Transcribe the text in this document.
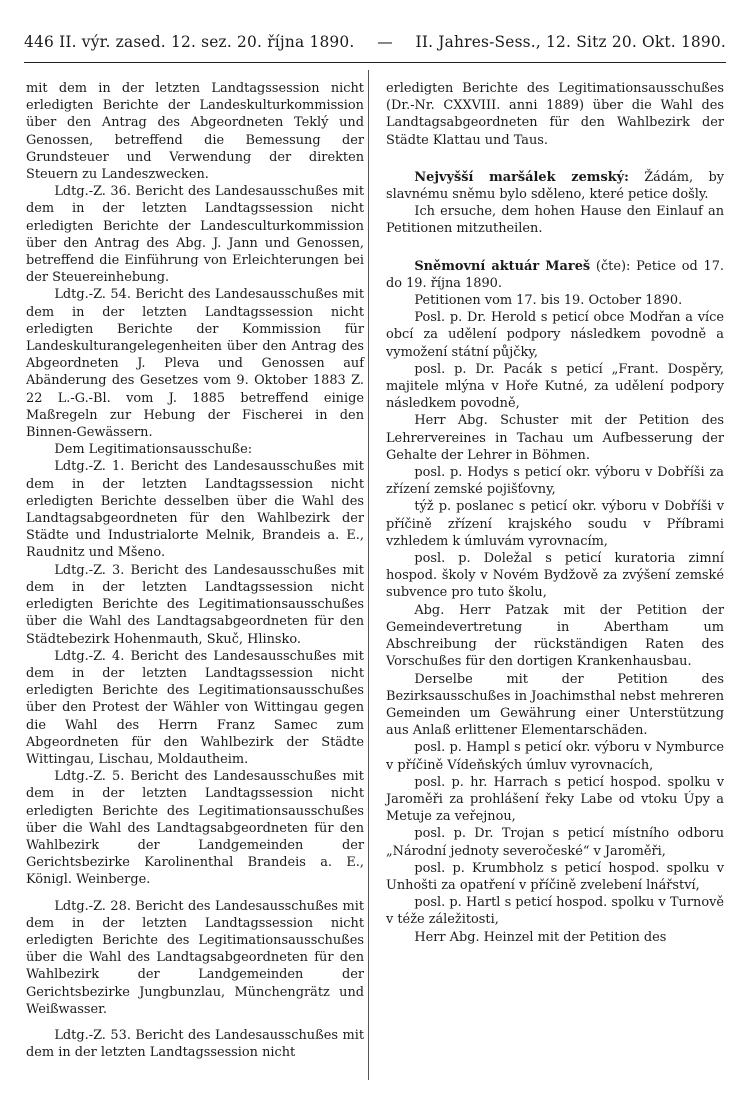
446 II. výr. zased. 12. sez. 20. října 1890. — II. Jahres-Sess., 12. Sitz 20. Okt. 1890.

mit dem in der letzten Landtagssession nicht erledigten Berichte der Landeskulturkommission über den Antrag des Abgeordneten Teklý und Genossen, betreffend die Bemessung der Grundsteuer und Verwendung der direkten Steuern zu Landeszwecken.

Ldtg.-Z. 36. Bericht des Landesausschußes mit dem in der letzten Landtagssession nicht erledigten Berichte der Landesculturkommission über den Antrag des Abg. J. Jann und Genossen, betreffend die Einführung von Erleichterungen bei der Steuereinhebung.

Ldtg.-Z. 54. Bericht des Landesausschußes mit dem in der letzten Landtagssession nicht erledigten Berichte der Kommission für Landeskulturangelegenheiten über den Antrag des Abgeordneten J. Pleva und Genossen auf Abänderung des Gesetzes vom 9. Oktober 1883 Z. 22 L.-G.-Bl. vom J. 1885 betreffend einige Maßregeln zur Hebung der Fischerei in den Binnen-Gewässern.

Dem Legitimationsausschuße:

Ldtg.-Z. 1. Bericht des Landesausschußes mit dem in der letzten Landtagssession nicht erledigten Berichte desselben über die Wahl des Landtagsabgeordneten für den Wahlbezirk der Städte und Industrialorte Melnik, Brandeis a. E., Raudnitz und Mšeno.

Ldtg.-Z. 3. Bericht des Landesausschußes mit dem in der letzten Landtagssession nicht erledigten Berichte des Legitimationsausschußes über die Wahl des Landtagsabgeordneten für den Städtebezirk Hohenmauth, Skuč, Hlinsko.

Ldtg.-Z. 4. Bericht des Landesausschußes mit dem in der letzten Landtagssession nicht erledigten Berichte des Legitimationsausschußes über den Protest der Wähler von Wittingau gegen die Wahl des Herrn Franz Samec zum Abgeordneten für den Wahlbezirk der Städte Wittingau, Lischau, Moldautheim.

Ldtg.-Z. 5. Bericht des Landesausschußes mit dem in der letzten Landtagssession nicht erledigten Berichte des Legitimationsausschußes über die Wahl des Landtagsabgeordneten für den Wahlbezirk der Landgemeinden der Gerichtsbezirke Karolinenthal Brandeis a. E., Königl. Weinberge.

Ldtg.-Z. 28. Bericht des Landesausschußes mit dem in der letzten Landtagssession nicht erledigten Berichte des Legitimationsausschußes über die Wahl des Landtagsabgeordneten für den Wahlbezirk der Landgemeinden der Gerichtsbezirke Jungbunzlau, Münchengrätz und Weißwasser.

Ldtg.-Z. 53. Bericht des Landesausschußes mit dem in der letzten Landtagssession nicht

erledigten Berichte des Legitimationsausschußes (Dr.-Nr. CXXVIII. anni 1889) über die Wahl des Landtagsabgeordneten für den Wahlbezirk der Städte Klattau und Taus.

Nejvyšší maršálek zemský: Žádám, by slavnému sněmu bylo sděleno, které petice došly.

Ich ersuche, dem hohen Hause den Einlauf an Petitionen mitzutheilen.

Sněmovní aktuár Mareš (čte): Petice od 17. do 19. října 1890.

Petitionen vom 17. bis 19. October 1890.

Posl. p. Dr. Herold s peticí obce Modřan a více obcí za udělení podpory následkem povodně a vymožení státní půjčky,

posl. p. Dr. Pacák s peticí „Frant. Dospěry, majitele mlýna v Hoře Kutné, za udělení podpory následkem povodně,

Herr Abg. Schuster mit der Petition des Lehrervereines in Tachau um Aufbesserung der Gehalte der Lehrer in Böhmen.

posl. p. Hodys s peticí okr. výboru v Dobříši za zřízení zemské pojišťovny,

týž p. poslanec s peticí okr. výboru v Dobříši v příčině zřízení krajského soudu v Příbrami vzhledem k úmluvám vyrovnacím,

posl. p. Doležal s peticí kuratoria zimní hospod. školy v Novém Bydžově za zvýšení zemské subvence pro tuto školu,

Abg. Herr Patzak mit der Petition der Gemeindevertretung in Abertham um Abschreibung der rückständigen Raten des Vorschußes für den dortigen Krankenhausbau.

Derselbe mit der Petition des Bezirksausschußes in Joachimsthal nebst mehreren Gemeinden um Gewährung einer Unterstützung aus Anlaß erlittener Elementarschäden.

posl. p. Hampl s peticí okr. výboru v Nymburce v příčině Vídeňských úmluv vyrovnacích,

posl. p. hr. Harrach s peticí hospod. spolku v Jaroměři za prohlášení řeky Labe od vtoku Úpy a Metuje za veřejnou,

posl. p. Dr. Trojan s peticí místního odboru „Národní jednoty severočeské“ v Jaroměři,

posl. p. Krumbholz s peticí hospod. spolku v Unhošti za opatření v příčině zvelebení lnářství,

posl. p. Hartl s peticí hospod. spolku v Turnově v téže záležitosti,

Herr Abg. Heinzel mit der Petition des
